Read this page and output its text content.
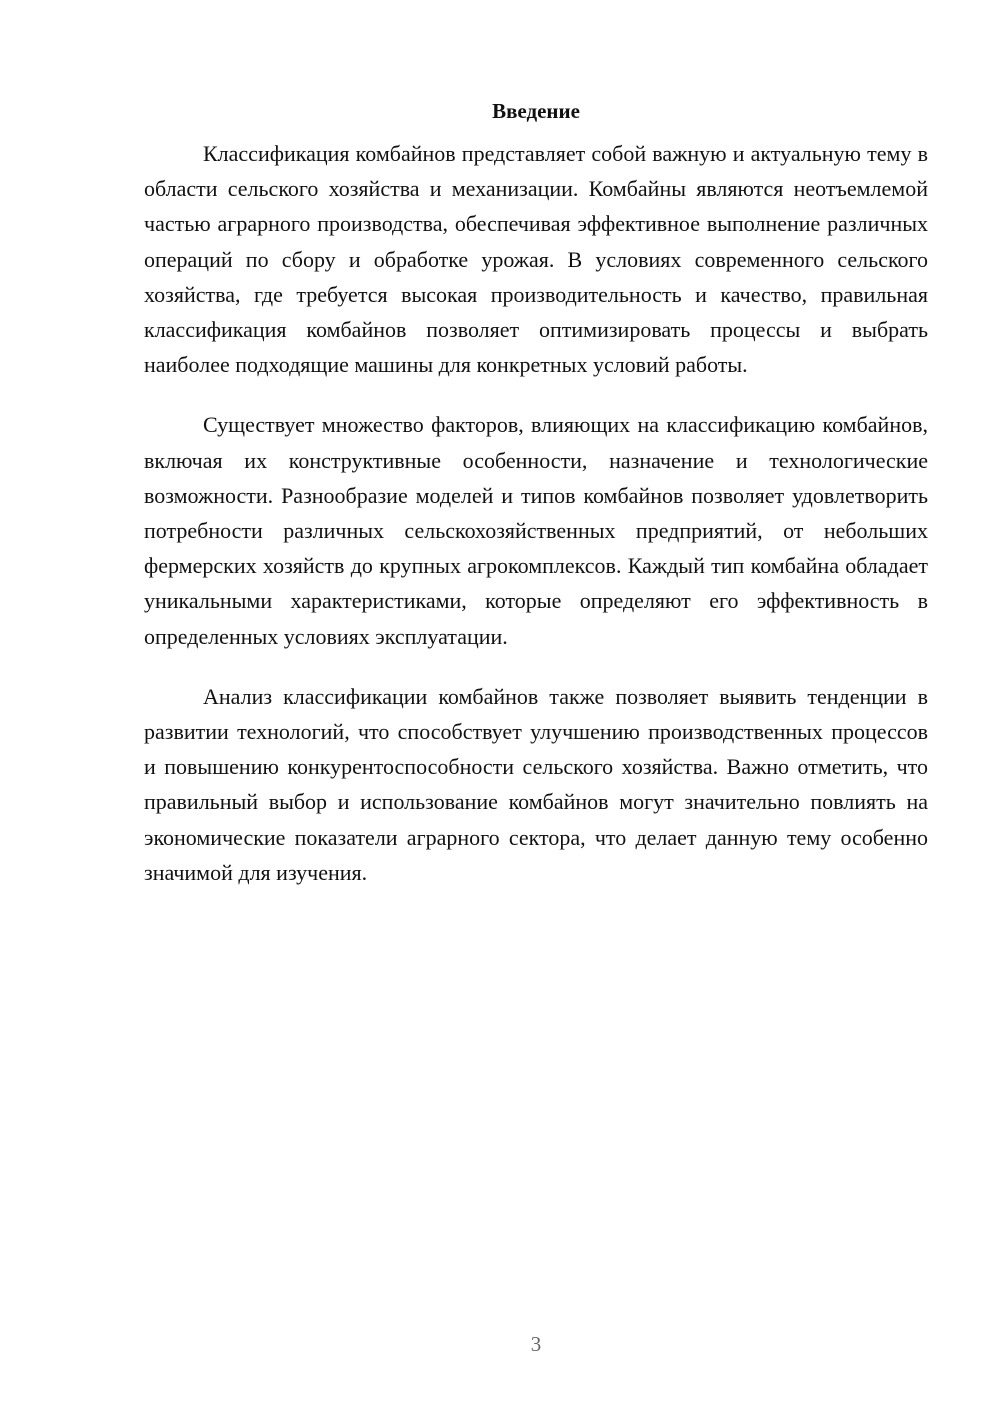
Введение

Классификация комбайнов представляет собой важную и актуальную тему в области сельского хозяйства и механизации. Комбайны являются неотъемлемой частью аграрного производства, обеспечивая эффективное выполнение различных операций по сбору и обработке урожая. В условиях современного сельского хозяйства, где требуется высокая производительность и качество, правильная классификация комбайнов позволяет оптимизировать процессы и выбрать наиболее подходящие машины для конкретных условий работы.

Существует множество факторов, влияющих на классификацию комбайнов, включая их конструктивные особенности, назначение и технологические возможности. Разнообразие моделей и типов комбайнов позволяет удовлетворить потребности различных сельскохозяйственных предприятий, от небольших фермерских хозяйств до крупных агрокомплексов. Каждый тип комбайна обладает уникальными характеристиками, которые определяют его эффективность в определенных условиях эксплуатации.

Анализ классификации комбайнов также позволяет выявить тенденции в развитии технологий, что способствует улучшению производственных процессов и повышению конкурентоспособности сельского хозяйства. Важно отметить, что правильный выбор и использование комбайнов могут значительно повлиять на экономические показатели аграрного сектора, что делает данную тему особенно значимой для изучения.

3
